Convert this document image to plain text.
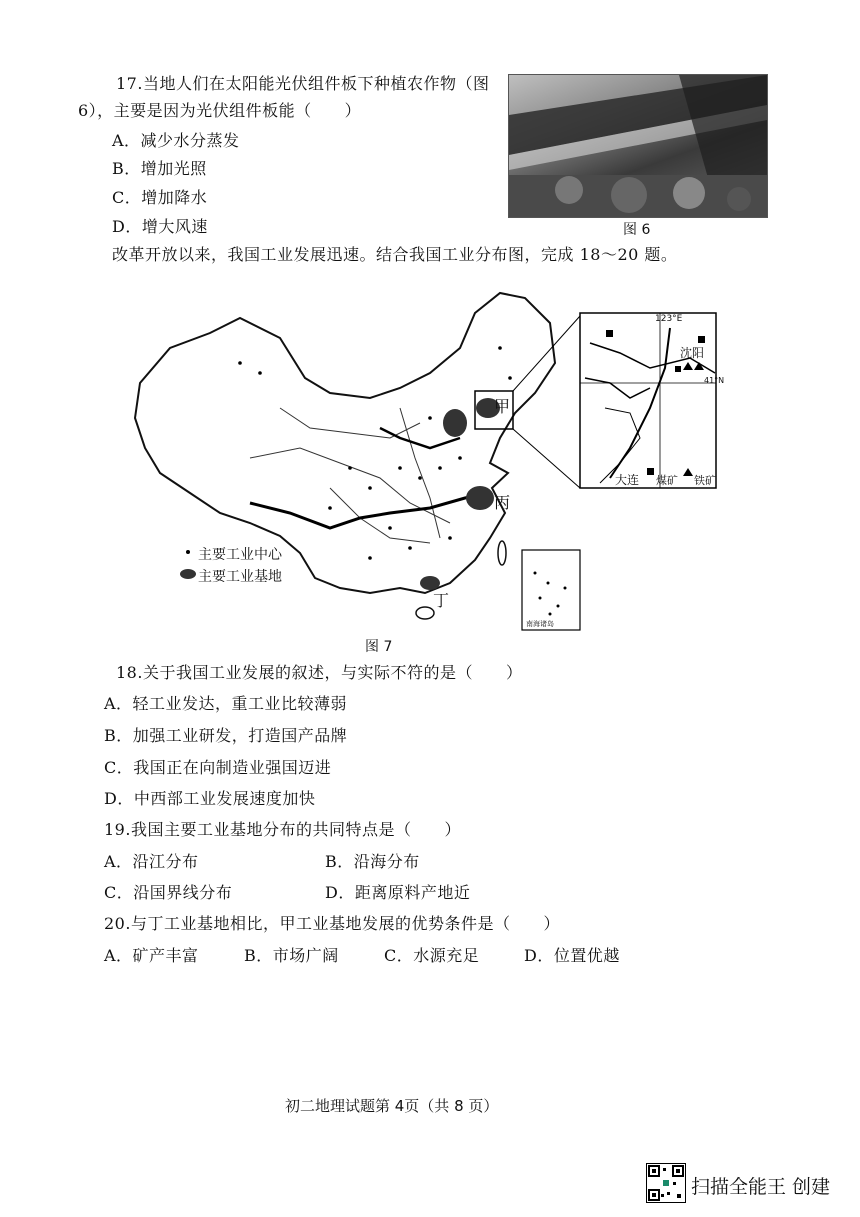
17.当地人们在太阳能光伏组件板下种植农作物（图
6），主要是因为光伏组件板能（　　）
A．减少水分蒸发
B．增加光照
C．增加降水
D．增大风速	图 6
改革开放以来，我国工业发展迅速。结合我国工业分布图，完成 18～20 题。
甲
丙
丁
123°E
41°N
沈阳
大连 煤矿 铁矿
南海诸岛
主要工业中心
主要工业基地
图 7
18.关于我国工业发展的叙述，与实际不符的是（　　）
A．轻工业发达，重工业比较薄弱
B．加强工业研发，打造国产品牌
C．我国正在向制造业强国迈进
D．中西部工业发展速度加快
19.我国主要工业基地分布的共同特点是（　　）
A．沿江分布	B．沿海分布
C．沿国界线分布	D．距离原料产地近
20.与丁工业基地相比，甲工业基地发展的优势条件是（　　）
A．矿产丰富	B．市场广阔	C．水源充足	D．位置优越
初二地理试题第 4页（共 8 页）
扫描全能王 创建
